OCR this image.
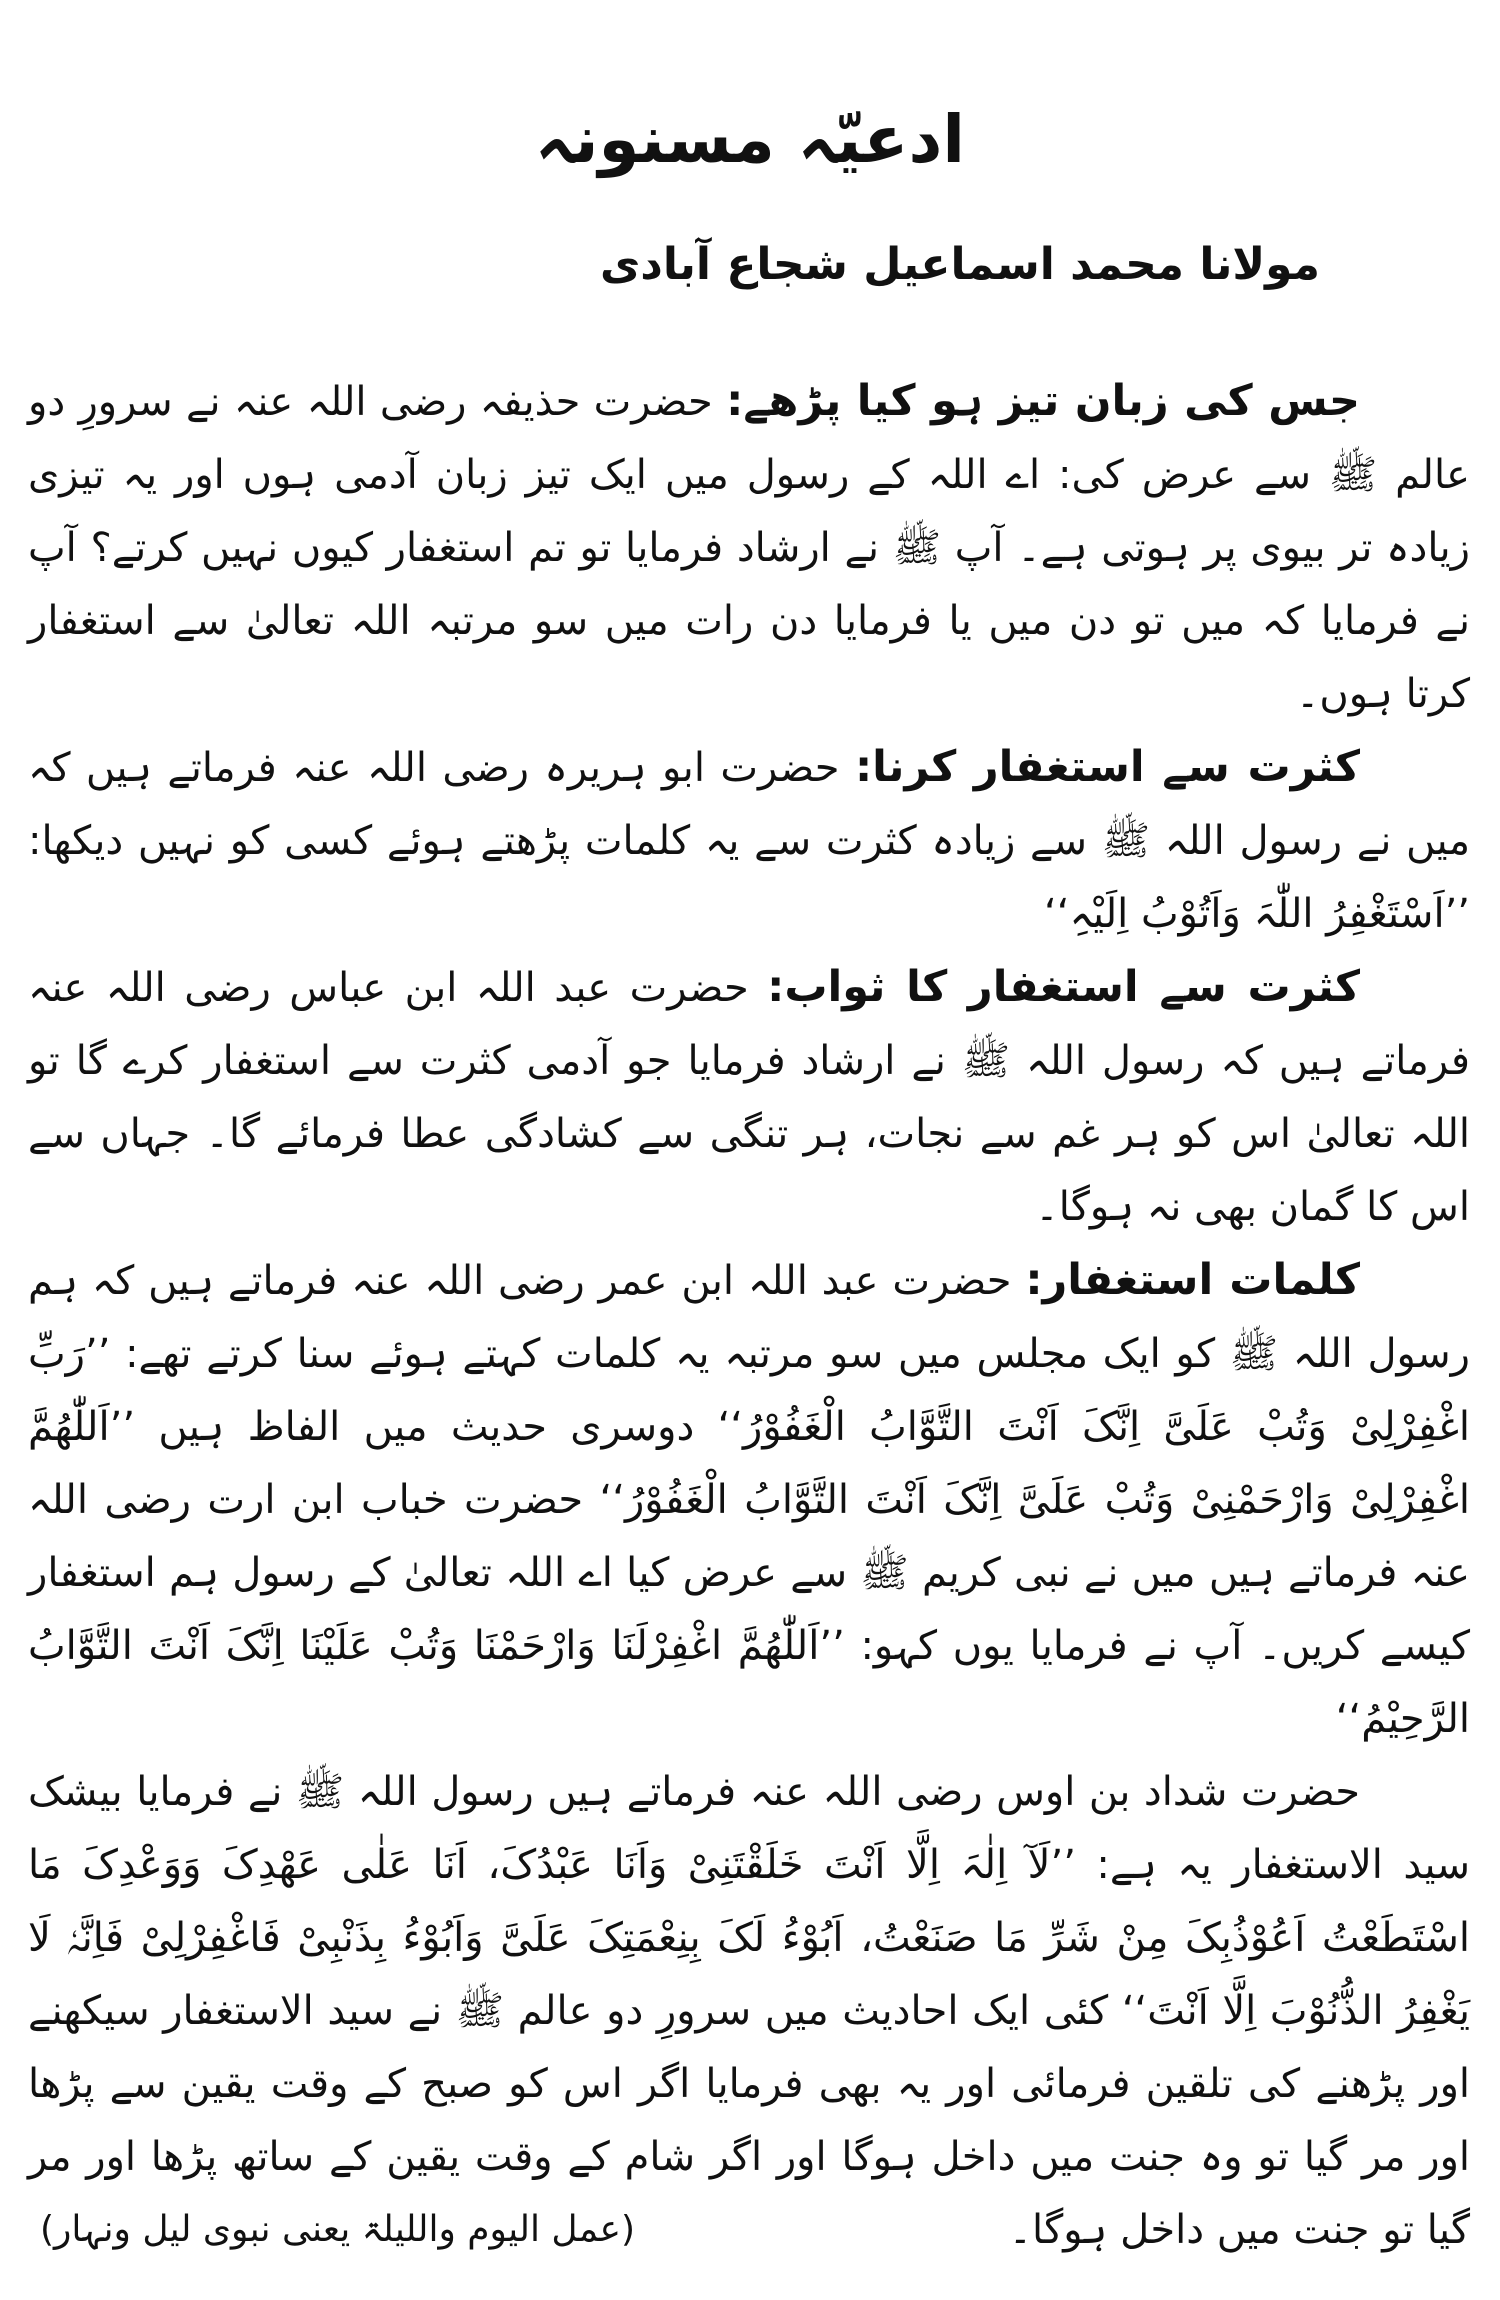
ادعیّہ مسنونہ
مولانا محمد اسماعیل شجاع آبادی

جس کی زبان تیز ہو کیا پڑھے: حضرت حذیفہ رضی اللہ عنہ نے سرورِ دو عالم ﷺ سے عرض کی: اے اللہ کے رسول میں ایک تیز زبان آدمی ہوں اور یہ تیزی زیادہ تر بیوی پر ہوتی ہے۔ آپ ﷺ نے ارشاد فرمایا تو تم استغفار کیوں نہیں کرتے؟ آپ نے فرمایا کہ میں تو دن میں یا فرمایا دن رات میں سو مرتبہ اللہ تعالیٰ سے استغفار کرتا ہوں۔

کثرت سے استغفار کرنا: حضرت ابو ہریرہ رضی اللہ عنہ فرماتے ہیں کہ میں نے رسول اللہ ﷺ سے زیادہ کثرت سے یہ کلمات پڑھتے ہوئے کسی کو نہیں دیکھا: ’’اَسْتَغْفِرُ اللّٰہَ وَاَتُوْبُ اِلَیْہِ‘‘

کثرت سے استغفار کا ثواب: حضرت عبد اللہ ابن عباس رضی اللہ عنہ فرماتے ہیں کہ رسول اللہ ﷺ نے ارشاد فرمایا جو آدمی کثرت سے استغفار کرے گا تو اللہ تعالیٰ اس کو ہر غم سے نجات، ہر تنگی سے کشادگی عطا فرمائے گا۔ جہاں سے اس کا گمان بھی نہ ہوگا۔

کلمات استغفار: حضرت عبد اللہ ابن عمر رضی اللہ عنہ فرماتے ہیں کہ ہم رسول اللہ ﷺ کو ایک مجلس میں سو مرتبہ یہ کلمات کہتے ہوئے سنا کرتے تھے: ’’رَبِّ اغْفِرْلِیْ وَتُبْ عَلَیَّ اِنَّکَ اَنْتَ التَّوَّابُ الْغَفُوْرُ‘‘ دوسری حدیث میں الفاظ ہیں ’’اَللّٰھُمَّ اغْفِرْلِیْ وَارْحَمْنِیْ وَتُبْ عَلَیَّ اِنَّکَ اَنْتَ التَّوَّابُ الْغَفُوْرُ‘‘ حضرت خباب ابن ارت رضی اللہ عنہ فرماتے ہیں میں نے نبی کریم ﷺ سے عرض کیا اے اللہ تعالیٰ کے رسول ہم استغفار کیسے کریں۔ آپ نے فرمایا یوں کہو: ’’اَللّٰھُمَّ اغْفِرْلَنَا وَارْحَمْنَا وَتُبْ عَلَیْنَا اِنَّکَ اَنْتَ التَّوَّابُ الرَّحِیْمُ‘‘

حضرت شداد بن اوس رضی اللہ عنہ فرماتے ہیں رسول اللہ ﷺ نے فرمایا بیشک سید الاستغفار یہ ہے: ’’لَآ اِلٰہَ اِلَّا اَنْتَ خَلَقْتَنِیْ وَاَنَا عَبْدُکَ، اَنَا عَلٰی عَھْدِکَ وَوَعْدِکَ مَا اسْتَطَعْتُ اَعُوْذُبِکَ مِنْ شَرِّ مَا صَنَعْتُ، اَبُوْءُ لَکَ بِنِعْمَتِکَ عَلَیَّ وَاَبُوْءُ بِذَنْبِیْ فَاغْفِرْلِیْ فَاِنَّہٗ لَا یَغْفِرُ الذُّنُوْبَ اِلَّا اَنْتَ‘‘ کئی ایک احادیث میں سرورِ دو عالم ﷺ نے سید الاستغفار سیکھنے اور پڑھنے کی تلقین فرمائی اور یہ بھی فرمایا اگر اس کو صبح کے وقت یقین سے پڑھا اور مر گیا تو وہ جنت میں داخل ہوگا اور اگر شام کے وقت یقین کے ساتھ پڑھا اور مر گیا تو جنت میں داخل ہوگا۔

(عمل الیوم واللیلۃ یعنی نبوی لیل ونہار)
